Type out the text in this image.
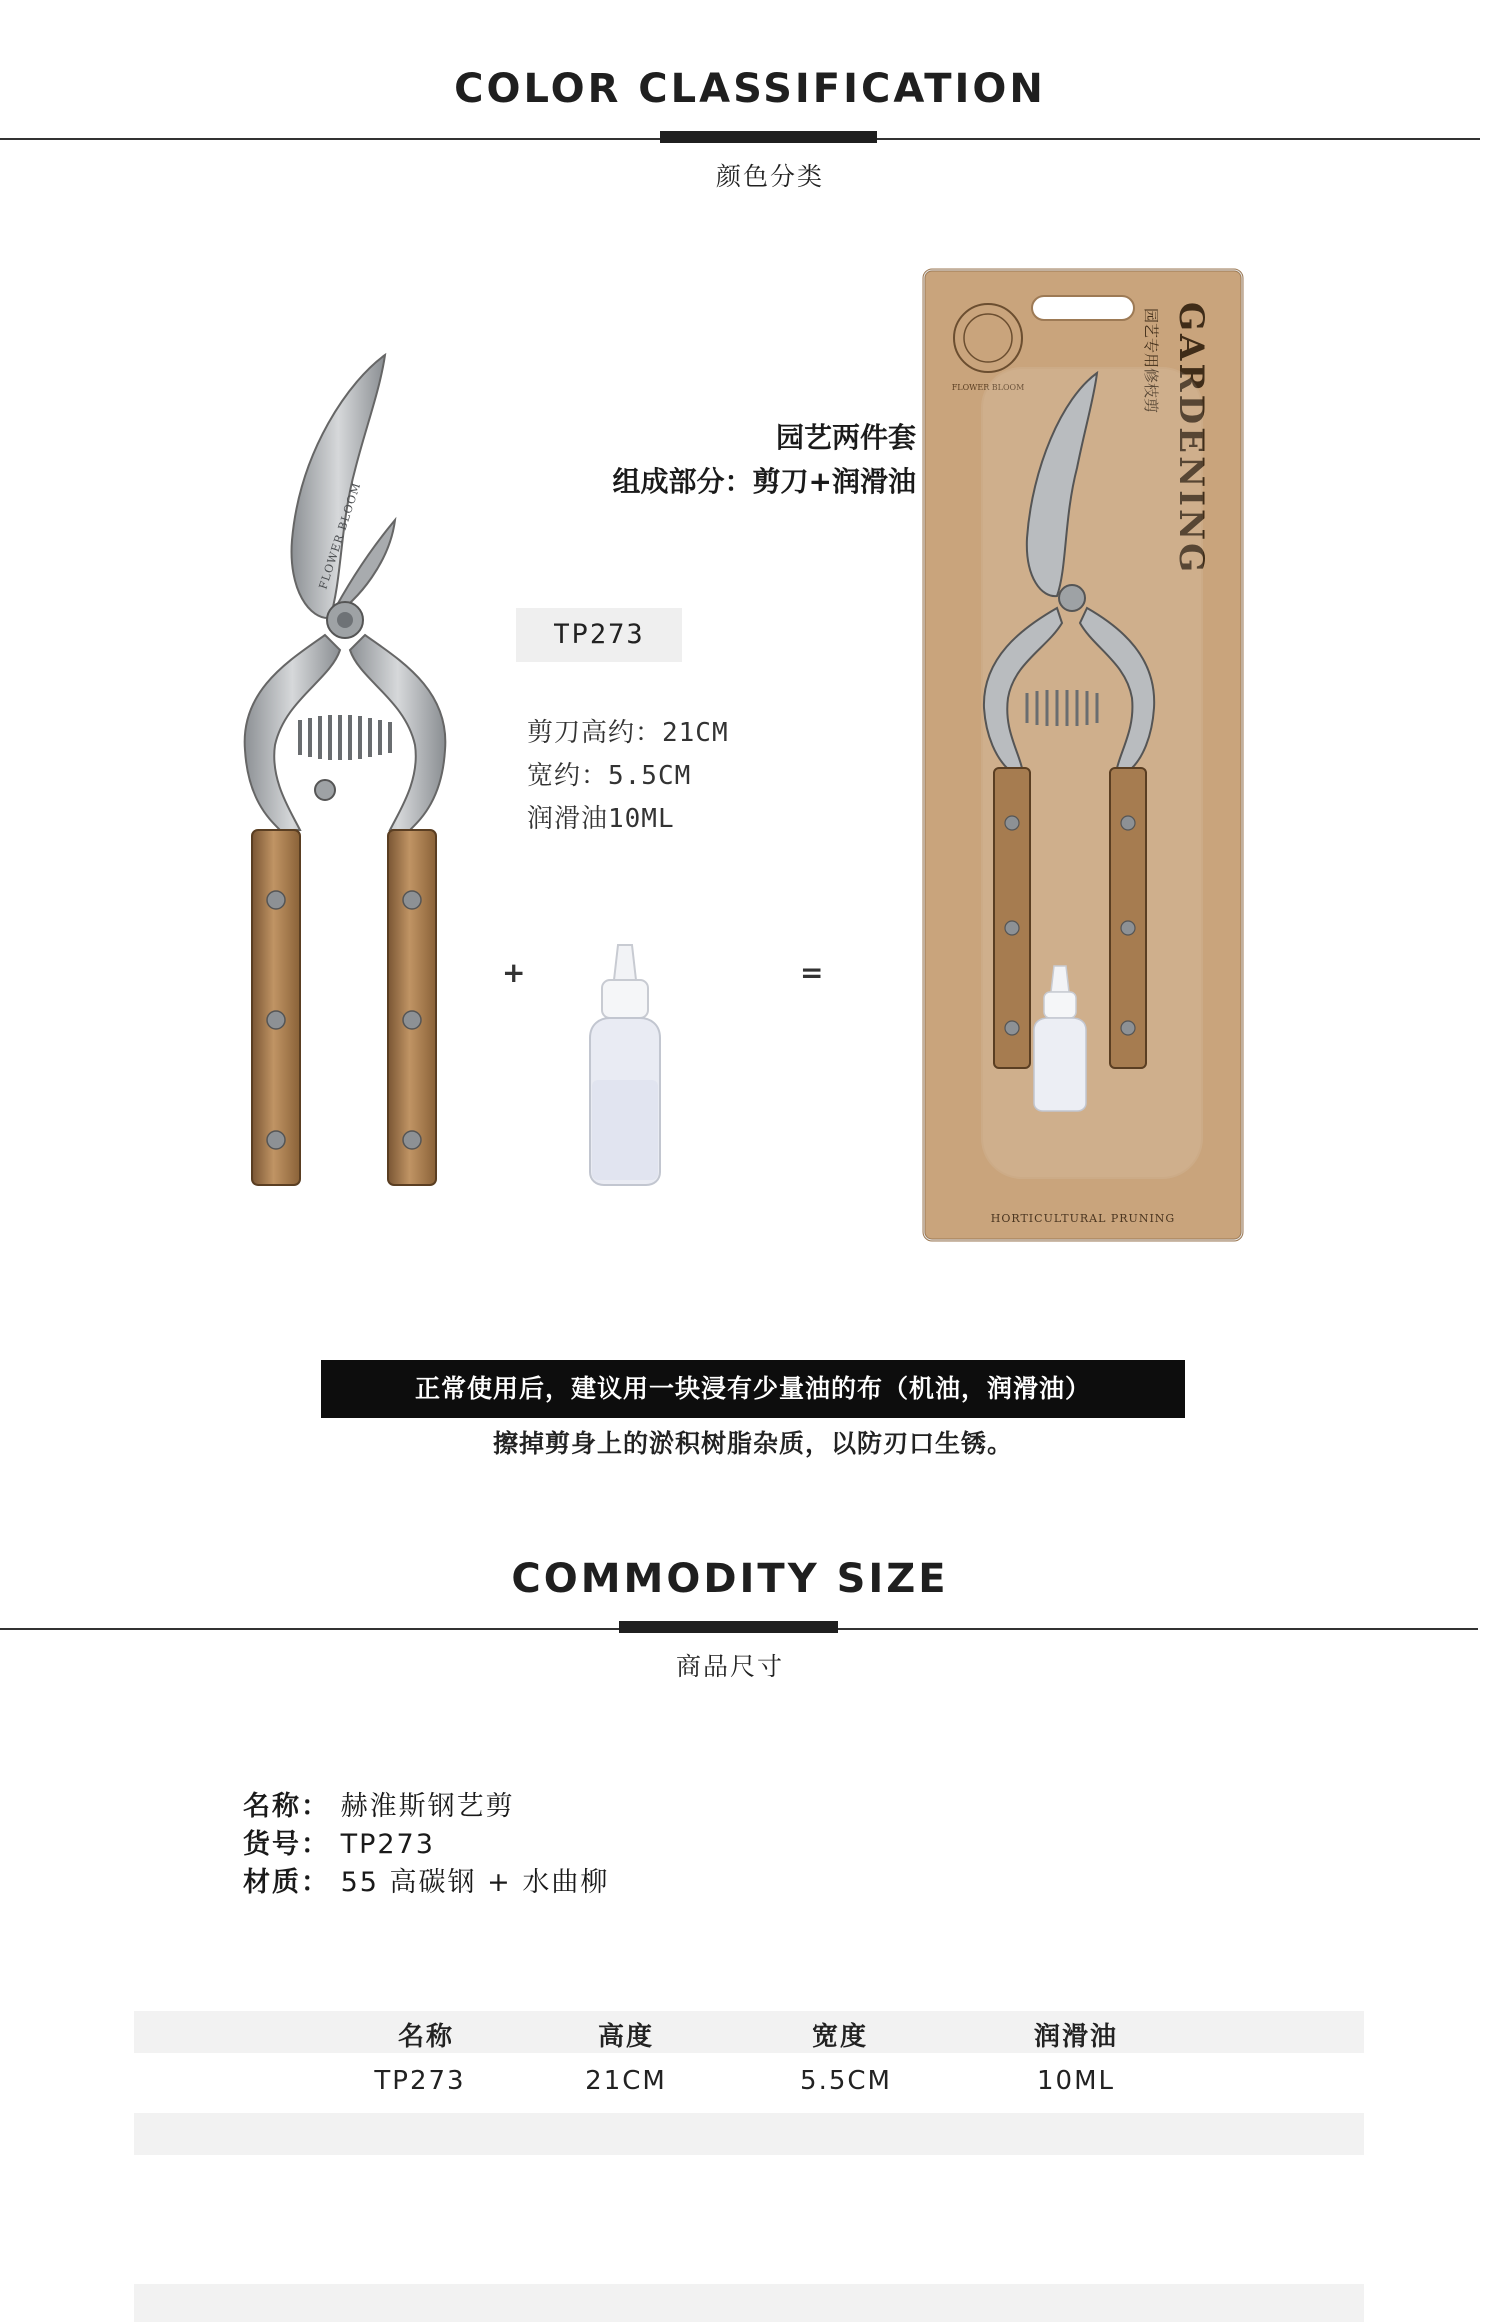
COLOR CLASSIFICATION
颜色分类
FLOWER BLOOM
园艺两件套
组成部分：剪刀+润滑油
TP273
剪刀高约：21CM
宽约：5.5CM
润滑油10ML
+	=
FLOWER BLOOM	GARDENING
园艺专用修枝剪
HORTICULTURAL PRUNING
正常使用后，建议用一块浸有少量油的布（机油，润滑油）
擦掉剪身上的淤积树脂杂质，以防刃口生锈。
COMMODITY SIZE
商品尺寸
名称： 赫淮斯钢艺剪
货号： TP273
材质： 55 高碳钢 + 水曲柳
名称	高度	宽度	润滑油
TP273	21CM	5.5CM	10ML
